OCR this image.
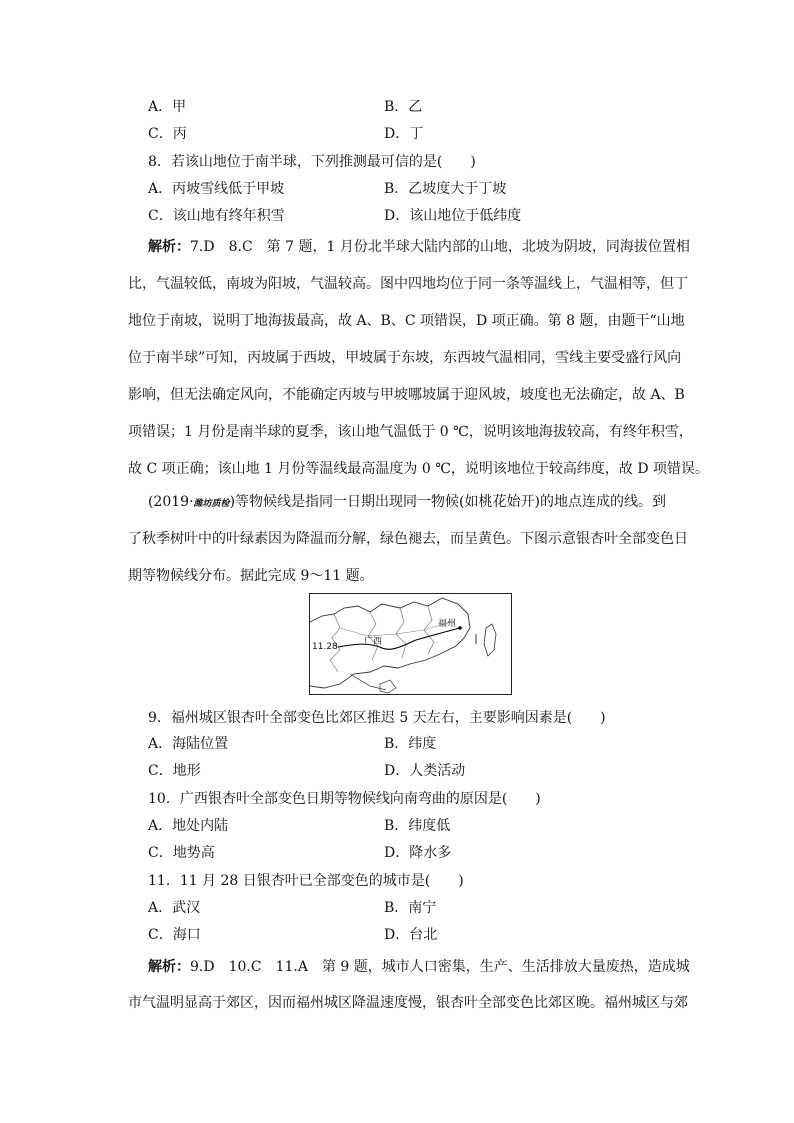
A．甲	B．乙
C．丙	D．丁
8．若该山地位于南半球，下列推测最可信的是(　　)
A．丙坡雪线低于甲坡	B．乙坡度大于丁坡
C．该山地有终年积雪	D．该山地位于低纬度
解析：7.D　8.C　第 7 题，1 月份北半球大陆内部的山地，北坡为阴坡，同海拔位置相
比，气温较低，南坡为阳坡，气温较高。图中四地均位于同一条等温线上，气温相等，但丁
地位于南坡，说明丁地海拔最高，故 A、B、C 项错误，D 项正确。第 8 题，由题干“山地
位于南半球”可知，丙坡属于西坡，甲坡属于东坡，东西坡气温相同，雪线主要受盛行风向
影响，但无法确定风向，不能确定丙坡与甲坡哪坡属于迎风坡，坡度也无法确定，故 A、B
项错误；1 月份是南半球的夏季，该山地气温低于 0 ℃，说明该地海拔较高，有终年积雪，
故 C 项正确；该山地 1 月份等温线最高温度为 0 ℃，说明该地位于较高纬度，故 D 项错误。
(2019·潍坊质检)等物候线是指同一日期出现同一物候(如桃花始开)的地点连成的线。到
了秋季树叶中的叶绿素因为降温而分解，绿色褪去，而呈黄色。下图示意银杏叶全部变色日
期等物候线分布。据此完成 9～11 题。
11.28
福州
广西
9．福州城区银杏叶全部变色比郊区推迟 5 天左右，主要影响因素是(　　)
A．海陆位置	B．纬度
C．地形	D．人类活动
10．广西银杏叶全部变色日期等物候线向南弯曲的原因是(　　)
A．地处内陆	B．纬度低
C．地势高	D．降水多
11．11 月 28 日银杏叶已全部变色的城市是(　　)
A．武汉	B．南宁
C．海口	D．台北
解析：9.D　10.C　11.A　第 9 题，城市人口密集，生产、生活排放大量废热，造成城
市气温明显高于郊区，因而福州城区降温速度慢，银杏叶全部变色比郊区晚。福州城区与郊
